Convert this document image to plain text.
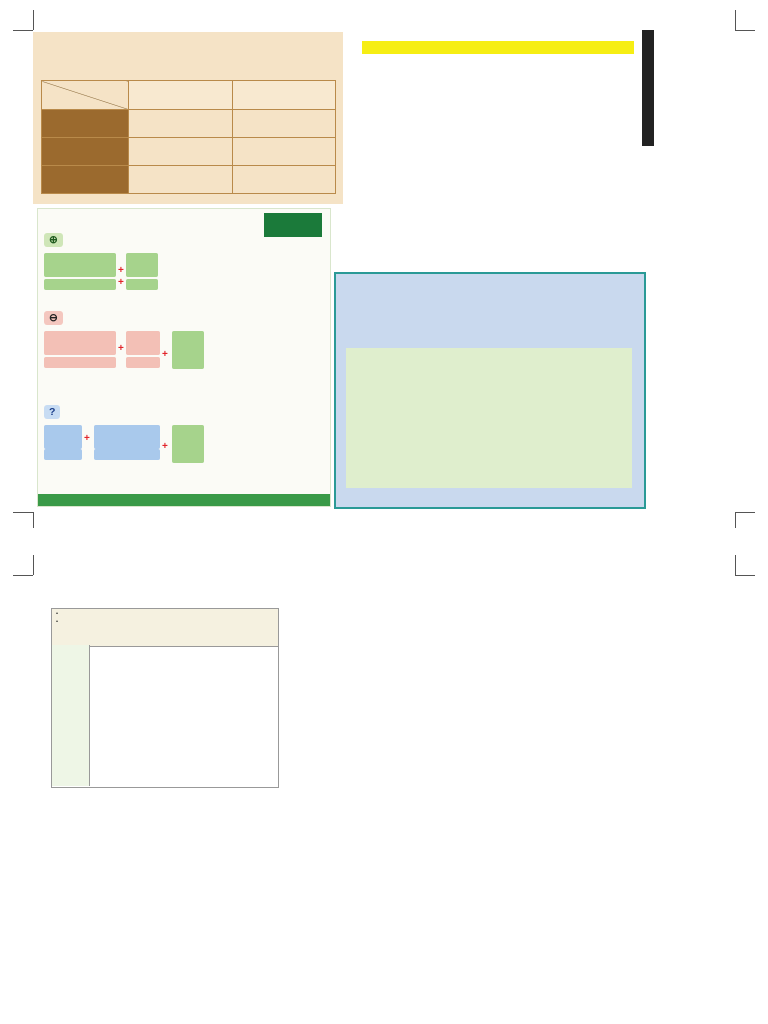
⊕
+
+
⊖
+
+
?
+
+
•
•
